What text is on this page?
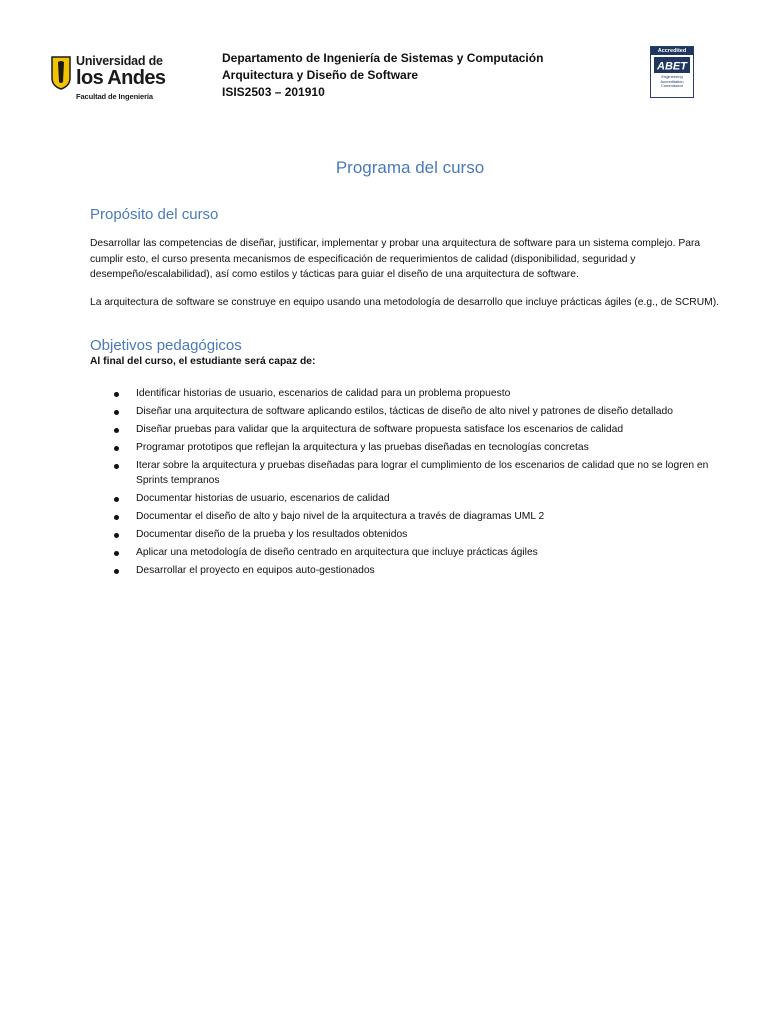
Universidad de
los Andes
Facultad de Ingeniería
Departamento de Ingeniería de Sistemas y Computación
Arquitectura y Diseño de Software
ISIS2503 – 201910
Accredited
ABET
Engineering
Accreditation
Commission
Programa del curso
Propósito del curso
Desarrollar las competencias de diseñar, justificar, implementar y probar una arquitectura de software para un sistema complejo. Para cumplir esto, el curso presenta mecanismos de especificación de requerimientos de calidad (disponibilidad, seguridad y desempeño/escalabilidad), así como estilos y tácticas para guiar el diseño de una arquitectura de software.
La arquitectura de software se construye en equipo usando una metodología de desarrollo que incluye prácticas ágiles (e.g., de SCRUM).
Objetivos pedagógicos
Al final del curso, el estudiante será capaz de:
Identificar historias de usuario, escenarios de calidad para un problema propuesto
Diseñar una arquitectura de software aplicando estilos, tácticas de diseño de alto nivel y patrones de diseño detallado
Diseñar pruebas para validar que la arquitectura de software propuesta satisface los escenarios de calidad
Programar prototipos que reflejan la arquitectura y las pruebas diseñadas en tecnologías concretas
Iterar sobre la arquitectura y pruebas diseñadas para lograr el cumplimiento de los escenarios de calidad que no se logren en Sprints tempranos
Documentar historias de usuario, escenarios de calidad
Documentar el diseño de alto y bajo nivel de la arquitectura a través de diagramas UML 2
Documentar diseño de la prueba y los resultados obtenidos
Aplicar una metodología de diseño centrado en arquitectura que incluye prácticas ágiles
Desarrollar el proyecto en equipos auto-gestionados
